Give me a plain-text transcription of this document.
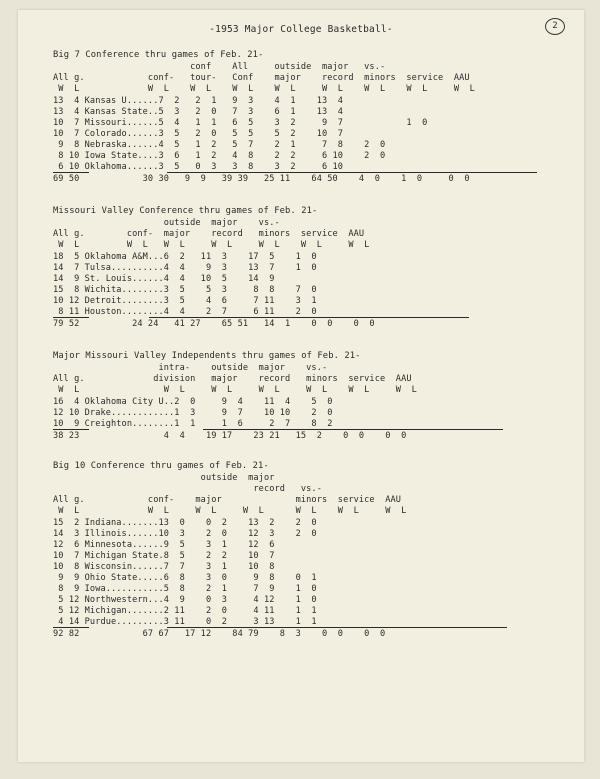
-1953 Major College Basketball-	2
Big 7 Conference thru games of Feb. 21-
conf    All     outside  major   vs.-
All g.            conf-   tour-   Conf    major    record  minors  service  AAU
W  L             W  L    W  L    W  L    W  L     W  L    W  L    W  L     W  L
13  4 Kansas U......7  2   2  1   9  3    4  1    13  4
13  4 Kansas State..5  3   2  0   7  3    6  1    13  4
10  7 Missouri......5  4   1  1   6  5    3  2     9  7            1  0
10  7 Colorado......3  5   2  0   5  5    5  2    10  7
9  8 Nebraska......4  5   1  2   5  7    2  1     7  8    2  0
8 10 Iowa State....3  6   1  2   4  8    2  2     6 10    2  0
6 10 Oklahoma......3  5   0  3   3  8    3  2     6 10
69 50            30 30   9  9   39 39   25 11    64 50    4  0    1  0     0  0
Missouri Valley Conference thru games of Feb. 21-
outside  major    vs.-
All g.        conf-  major    record   minors  service  AAU
W  L         W  L   W  L     W  L     W  L    W  L     W  L
18  5 Oklahoma A&M...6  2   11  3    17  5    1  0
14  7 Tulsa..........4  4    9  3    13  7    1  0
14  9 St. Louis......4  4   10  5    14  9
15  8 Wichita........3  5    5  3     8  8    7  0
10 12 Detroit........3  5    4  6     7 11    3  1
8 11 Houston........4  4    2  7     6 11    2  0
79 52          24 24   41 27    65 51   14  1    0  0    0  0
Major Missouri Valley Independents thru games of Feb. 21-
intra-    outside  major    vs.-
All g.             division   major    record   minors  service  AAU
W  L                W  L     W  L     W  L     W  L    W  L     W  L
16  4 Oklahoma City U..2  0     9  4    11  4    5  0
12 10 Drake............1  3     9  7    10 10    2  0
10  9 Creighton........1  1     1  6     2  7    8  2
38 23                4  4    19 17    23 21   15  2    0  0    0  0
Big 10 Conference thru games of Feb. 21-
outside  major
record   vs.-
All g.            conf-    major              minors  service  AAU
W  L             W  L     W  L     W  L      W  L    W  L     W  L
15  2 Indiana.......13  0    0  2    13  2    2  0
14  3 Illinois......10  3    2  0    12  3    2  0
12  6 Minnesota......9  5    3  1    12  6
10  7 Michigan State.8  5    2  2    10  7
10  8 Wisconsin......7  7    3  1    10  8
9  9 Ohio State.....6  8    3  0     9  8    0  1
8  9 Iowa...........5  8    2  1     7  9    1  0
5 12 Northwestern...4  9    0  3     4 12    1  0
5 12 Michigan.......2 11    2  0     4 11    1  1
4 14 Purdue.........3 11    0  2     3 13    1  1
92 82            67 67   17 12    84 79    8  3    0  0    0  0
